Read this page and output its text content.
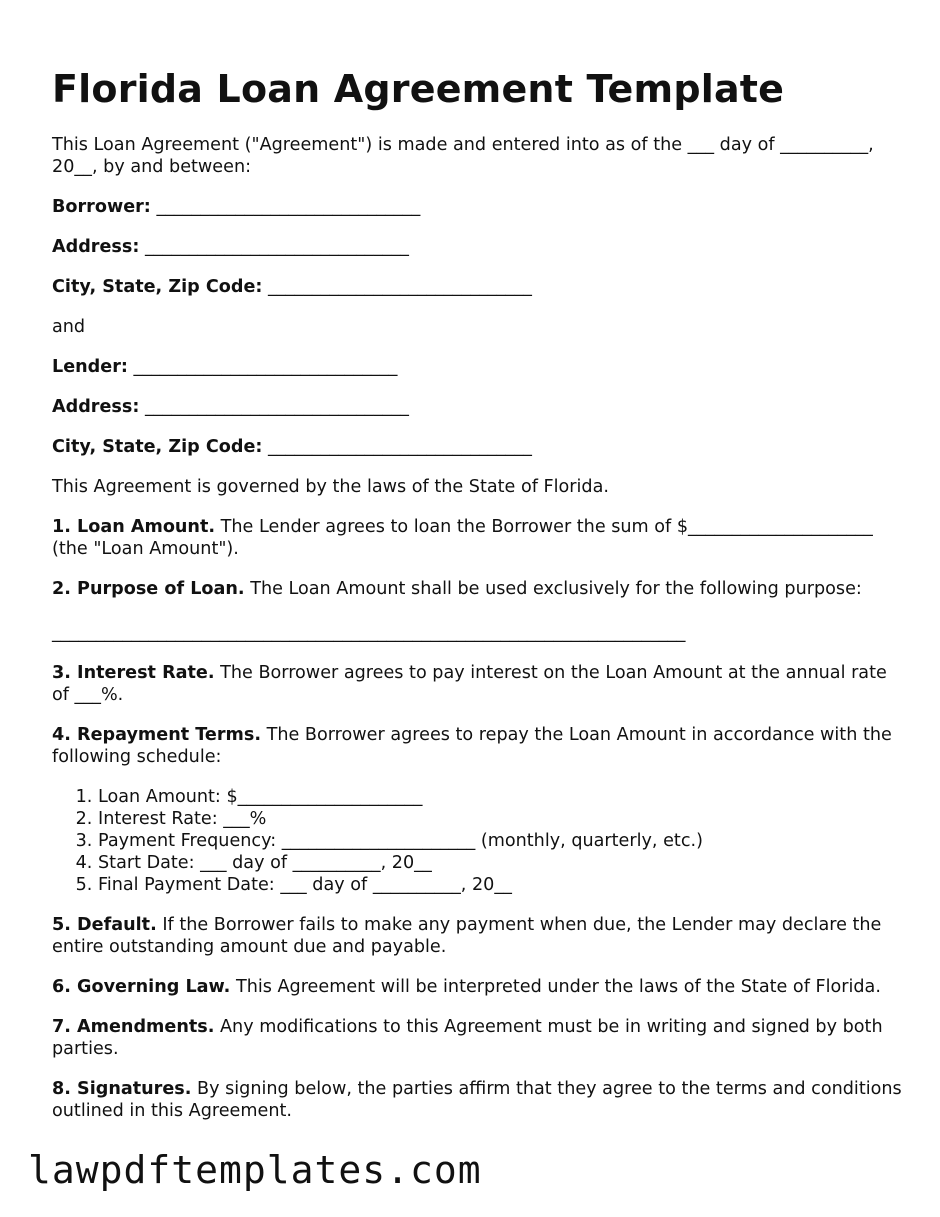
Florida Loan Agreement Template

This Loan Agreement ("Agreement") is made and entered into as of the ___ day of __________, 20__, by and between:

Borrower: ______________________________
Address: ______________________________
City, State, Zip Code: ______________________________

and

Lender: ______________________________
Address: ______________________________
City, State, Zip Code: ______________________________

This Agreement is governed by the laws of the State of Florida.

1. Loan Amount. The Lender agrees to loan the Borrower the sum of $_____________________ (the "Loan Amount").

2. Purpose of Loan. The Loan Amount shall be used exclusively for the following purpose:
________________________________________________________________________

3. Interest Rate. The Borrower agrees to pay interest on the Loan Amount at the annual rate of ___%.

4. Repayment Terms. The Borrower agrees to repay the Loan Amount in accordance with the following schedule:

1. Loan Amount: $_____________________
2. Interest Rate: ___%
3. Payment Frequency: ______________________ (monthly, quarterly, etc.)
4. Start Date: ___ day of __________, 20__
5. Final Payment Date: ___ day of __________, 20__

5. Default. If the Borrower fails to make any payment when due, the Lender may declare the entire outstanding amount due and payable.

6. Governing Law. This Agreement will be interpreted under the laws of the State of Florida.

7. Amendments. Any modifications to this Agreement must be in writing and signed by both parties.

8. Signatures. By signing below, the parties affirm that they agree to the terms and conditions outlined in this Agreement.

lawpdftemplates.com
